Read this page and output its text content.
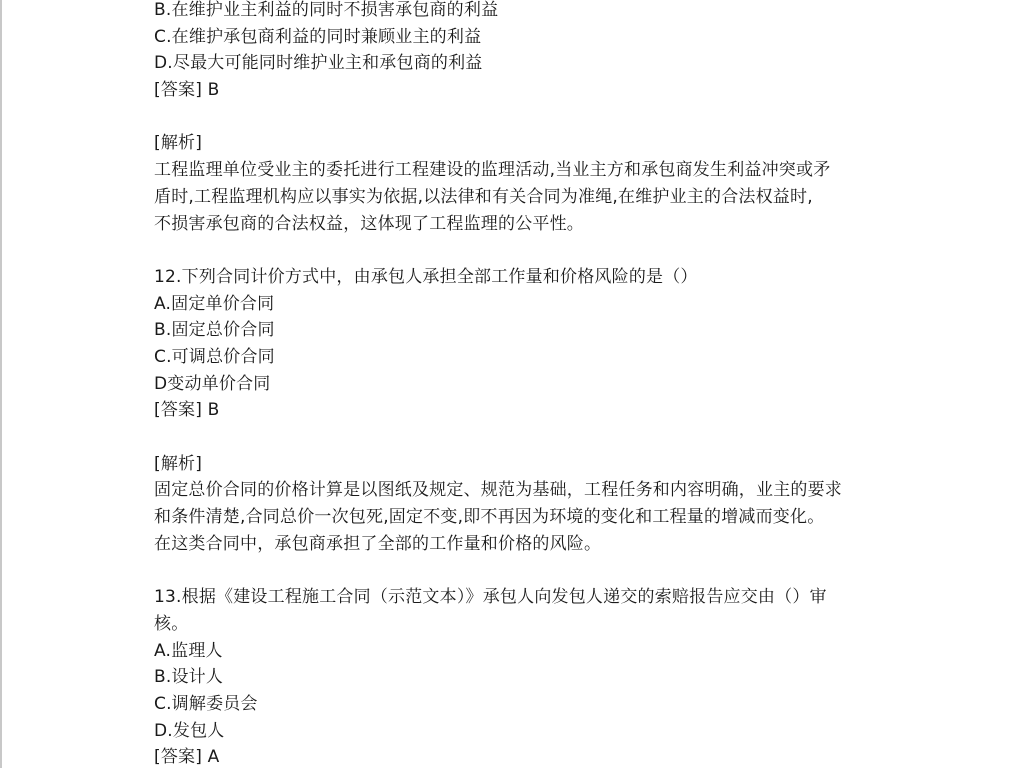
B.在维护业主利益的同时不损害承包商的利益
C.在维护承包商利益的同时兼顾业主的利益
D.尽最大可能同时维护业主和承包商的利益
[答案] B
[解析]
工程监理单位受业主的委托进行工程建设的监理活动,当业主方和承包商发生利益冲突或矛
盾时,工程监理机构应以事实为依据,以法律和有关合同为准绳,在维护业主的合法权益时,
不损害承包商的合法权益，这体现了工程监理的公平性。
12.下列合同计价方式中，由承包人承担全部工作量和价格风险的是（）
A.固定单价合同
B.固定总价合同
C.可调总价合同
D变动单价合同
[答案] B
[解析]
固定总价合同的价格计算是以图纸及规定、规范为基础，工程任务和内容明确，业主的要求
和条件清楚,合同总价一次包死,固定不变,即不再因为环境的变化和工程量的增减而变化。
在这类合同中，承包商承担了全部的工作量和价格的风险。
13.根据《建设工程施工合同（示范文本）》承包人向发包人递交的索赔报告应交由（）审
核。
A.监理人
B.设计人
C.调解委员会
D.发包人
[答案] A
